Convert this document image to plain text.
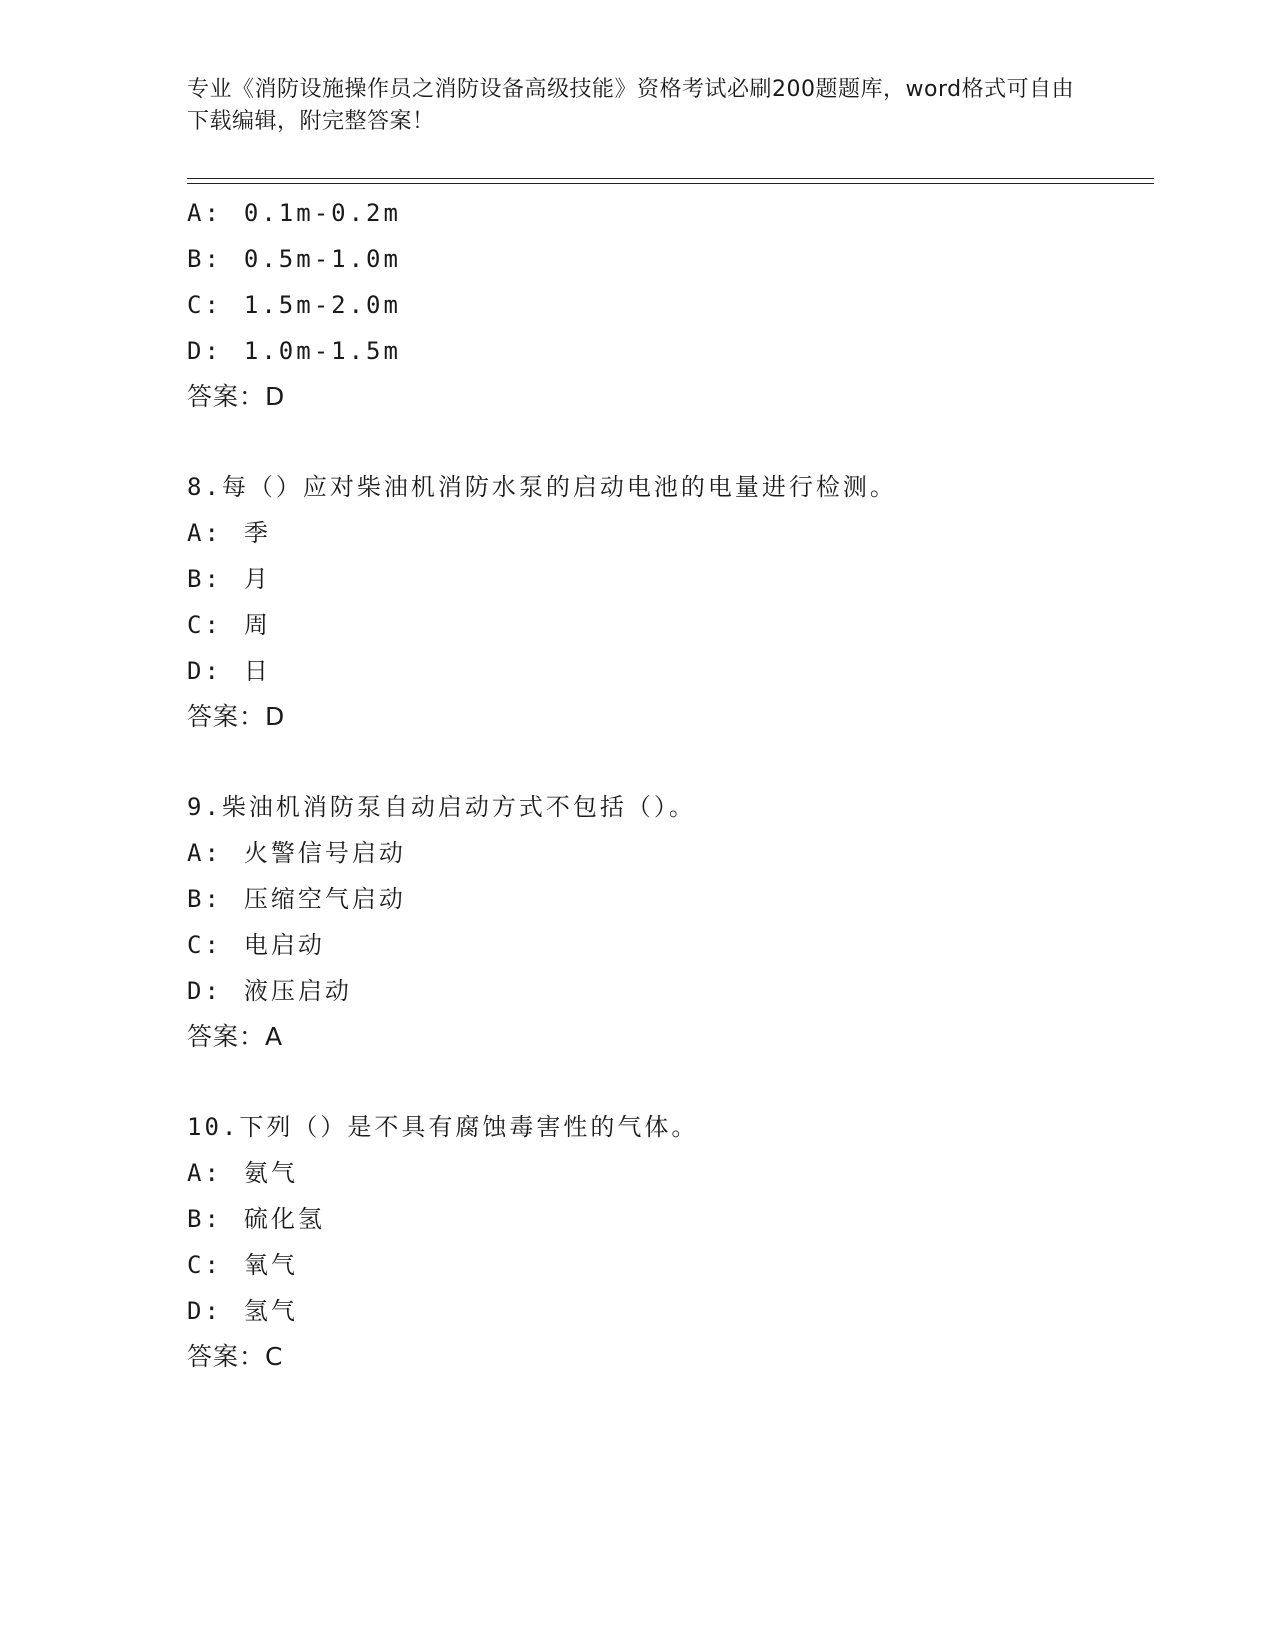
专业《消防设施操作员之消防设备高级技能》资格考试必刷200题题库，word格式可自由下载编辑，附完整答案！
A: 0.1m-0.2m
B: 0.5m-1.0m
C: 1.5m-2.0m
D: 1.0m-1.5m
答案：D
8.每（）应对柴油机消防水泵的启动电池的电量进行检测。
A: 季
B: 月
C: 周
D: 日
答案：D
9.柴油机消防泵自动启动方式不包括（）。
A: 火警信号启动
B: 压缩空气启动
C: 电启动
D: 液压启动
答案：A
10.下列（）是不具有腐蚀毒害性的气体。
A: 氨气
B: 硫化氢
C: 氧气
D: 氢气
答案：C
